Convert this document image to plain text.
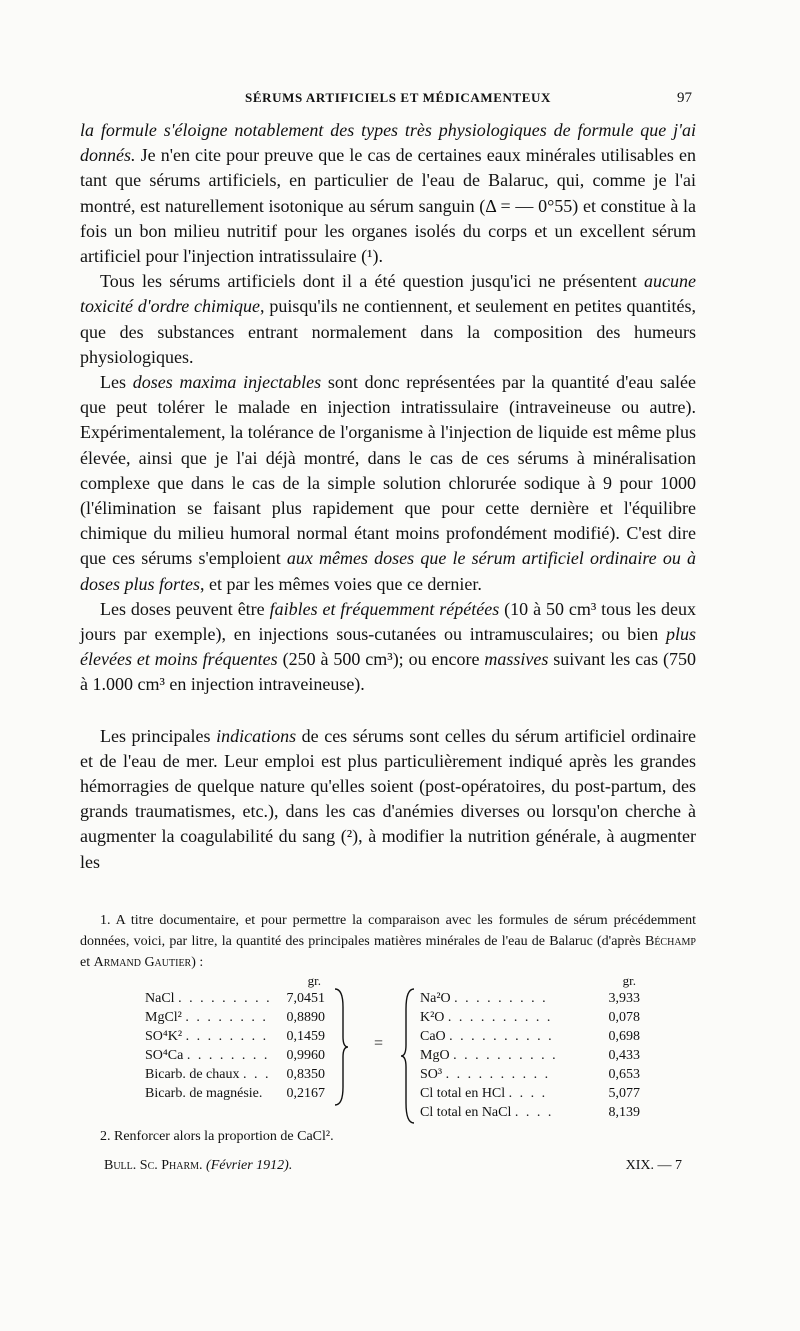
SÉRUMS ARTIFICIELS ET MÉDICAMENTEUX	97

la formule s'éloigne notablement des types très physiologiques de formule que j'ai donnés. Je n'en cite pour preuve que le cas de certaines eaux minérales utilisables en tant que sérums artificiels, en particulier de l'eau de Balaruc, qui, comme je l'ai montré, est naturellement isotonique au sérum sanguin (Δ = — 0°55) et constitue à la fois un bon milieu nutritif pour les organes isolés du corps et un excellent sérum artificiel pour l'injection intratissulaire (¹).

Tous les sérums artificiels dont il a été question jusqu'ici ne présentent aucune toxicité d'ordre chimique, puisqu'ils ne contiennent, et seulement en petites quantités, que des substances entrant normalement dans la composition des humeurs physiologiques.

Les doses maxima injectables sont donc représentées par la quantité d'eau salée que peut tolérer le malade en injection intratissulaire (intraveineuse ou autre). Expérimentalement, la tolérance de l'organisme à l'injection de liquide est même plus élevée, ainsi que je l'ai déjà montré, dans le cas de ces sérums à minéralisation complexe que dans le cas de la simple solution chlorurée sodique à 9 pour 1000 (l'élimination se faisant plus rapidement que pour cette dernière et l'équilibre chimique du milieu humoral normal étant moins profondément modifié). C'est dire que ces sérums s'emploient aux mêmes doses que le sérum artificiel ordinaire ou à doses plus fortes, et par les mêmes voies que ce dernier.

Les doses peuvent être faibles et fréquemment répétées (10 à 50 cm³ tous les deux jours par exemple), en injections sous-cutanées ou intramusculaires; ou bien plus élevées et moins fréquentes (250 à 500 cm³); ou encore massives suivant les cas (750 à 1.000 cm³ en injection intraveineuse).

Les principales indications de ces sérums sont celles du sérum artificiel ordinaire et de l'eau de mer. Leur emploi est plus particulièrement indiqué après les grandes hémorragies de quelque nature qu'elles soient (post-opératoires, du post-partum, des grands traumatismes, etc.), dans les cas d'anémies diverses ou lorsqu'on cherche à augmenter la coagulabilité du sang (²), à modifier la nutrition générale, à augmenter les

1. A titre documentaire, et pour permettre la comparaison avec les formules de sérum précédemment données, voici, par litre, la quantité des principales matières minérales de l'eau de Balaruc (d'après Béchamp et Armand Gautier) :

gr.
NaCl . . . . . . . . . 7,0451
MgCl² . . . . . . . . 0,8890
SO⁴K² . . . . . . . . 0,1459
SO⁴Ca . . . . . . . . 0,9960
Bicarb. de chaux . . . 0,8350
Bicarb. de magnésie. 0,2167
=
gr.
Na²O . . . . . . . . .	3,933
K²O . . . . . . . . . .	0,078
CaO . . . . . . . . . .	0,698
MgO . . . . . . . . . .	0,433
SO³ . . . . . . . . . .	0,653
Cl total en HCl . . . .	5,077
Cl total en NaCl . . . .	8,139
2. Renforcer alors la proportion de CaCl².
Bull. Sc. Pharm. (Février 1912).	XIX. — 7
